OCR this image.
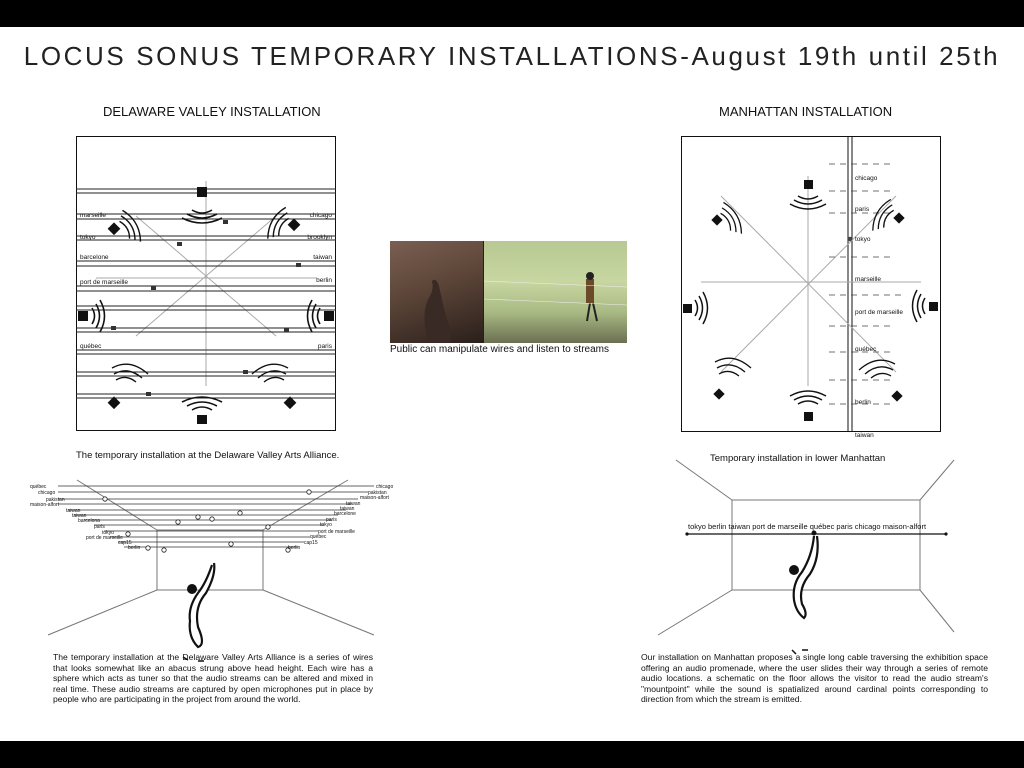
LOCUS SONUS TEMPORARY INSTALLATIONS-August 19th until 25th
DELAWARE VALLEY INSTALLATION
marseille
tokyo
barcelone
port de marseille
québec
chicago
brooklyn
taiwan
berlin
paris
The temporary installation at the Delaware Valley Arts Alliance.
québec
chicago
pakistan
maison-alfort
taiwan
taiwan
barcelona
paris
tokyo
port de marseille
cap15
berlin
chicago
pakistan
maison-alfort
taiwan
taiwan
barcelone
paris
tokyo
port de marseille
québec
cap15
berlin

The temporary installation at the Delaware Valley Arts Alliance is a series of wires that looks somewhat like an abacus strung above head height. Each wire has a sphere which acts as tuner so that the audio streams can be altered and mixed in real time. These audio streams are captured by open microphones put in place by people who are participating in the project from around the world.

Public can manipulate wires and listen to streams
MANHATTAN INSTALLATION
chicago
paris
tokyo
marseille
port de marseille
québec
berlin
taiwan
Temporary installation in lower Manhattan
tokyo berlin taiwan port de marseille québec paris chicago maison-alfort

Our installation on Manhattan proposes a single long cable traversing the exhibition space offering an audio promenade, where the user slides their way through a series of remote audio locations. a schematic on the floor allows the visitor to read the audio stream's "mountpoint" while the sound is spatialized around cardinal points corresponding to direction from which the stream is emitted.
